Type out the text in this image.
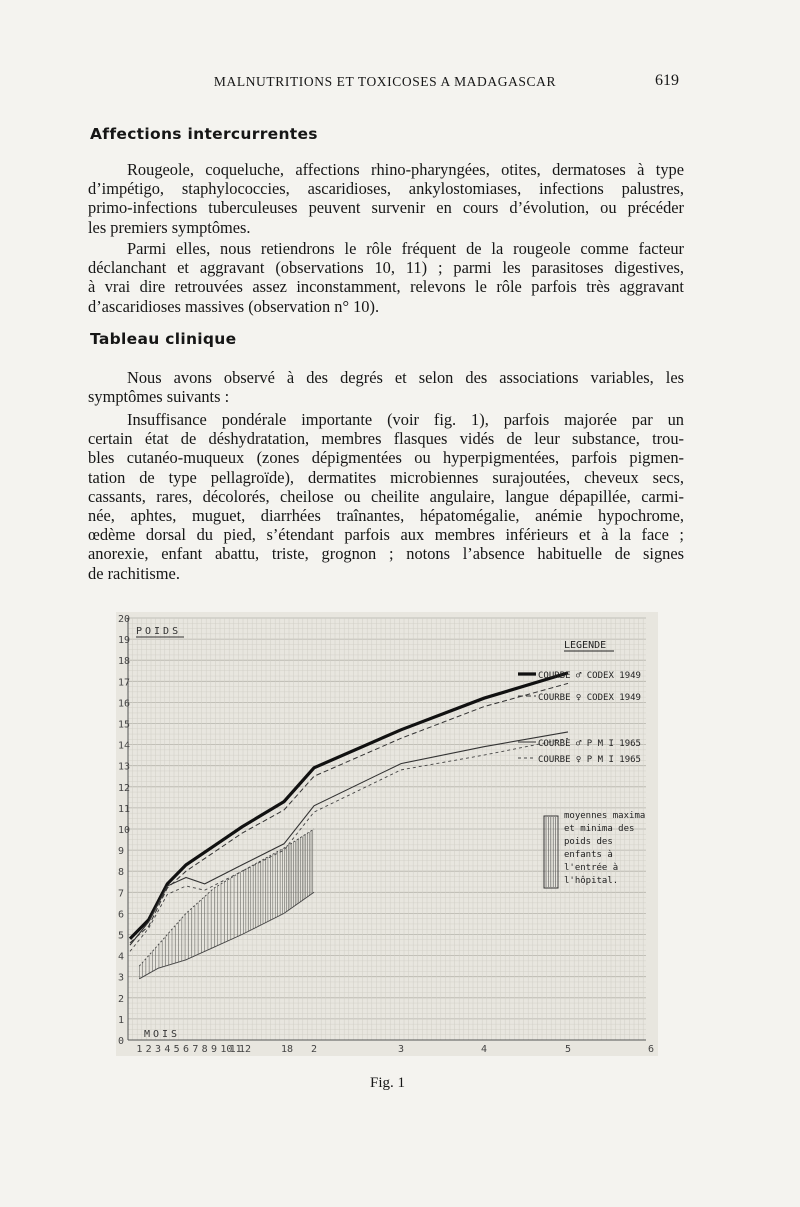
MALNUTRITIONS ET TOXICOSES A MADAGASCAR	619
Affections intercurrentes
Rougeole, coqueluche, affections rhino-pharyngées, otites, dermatoses à type
d’impétigo, staphylococcies, ascaridioses, ankylostomiases, infections palustres,
primo-infections tuberculeuses peuvent survenir en cours d’évolution, ou précéder
les premiers symptômes.
Parmi elles, nous retiendrons le rôle fréquent de la rougeole comme facteur
déclanchant et aggravant (observations 10, 11) ; parmi les parasitoses digestives,
à vrai dire retrouvées assez inconstamment, relevons le rôle parfois très aggravant
d’ascaridioses massives (observation n° 10).
Tableau clinique
Nous avons observé à des degrés et selon des associations variables, les
symptômes suivants :
Insuffisance pondérale importante (voir fig. 1), parfois majorée par un
certain état de déshydratation, membres flasques vidés de leur substance, trou-
bles cutanéo-muqueux (zones dépigmentées ou hyperpigmentées, parfois pigmen-
tation de type pellagroïde), dermatites microbiennes surajoutées, cheveux secs,
cassants, rares, décolorés, cheilose ou cheilite angulaire, langue dépapillée, carmi-
née, aphtes, muguet, diarrhées traînantes, hépatomégalie, anémie hypochrome,
œdème dorsal du pied, s’étendant parfois aux membres inférieurs et à la face ;
anorexie, enfant abattu, triste, grognon ; notons l’absence habituelle de signes
de rachitisme.
0
1
2
3
4
5
6
7
8
9
10
11
12
13
14
15
16
17
18
19
20
1 2 3 4 5 6 7 8 9 10
11
12	18 2	3	4	5	6
POIDS
MOIS
LEGENDE
COURBE ♂ CODEX 1949
COURBE ♀ CODEX 1949
COURBE ♂ P M I 1965
COURBE ♀ P M I 1965
moyennes maxima
et minima des
poids des
enfants à
l'entrée à
l'hôpital.
Fig. 1
